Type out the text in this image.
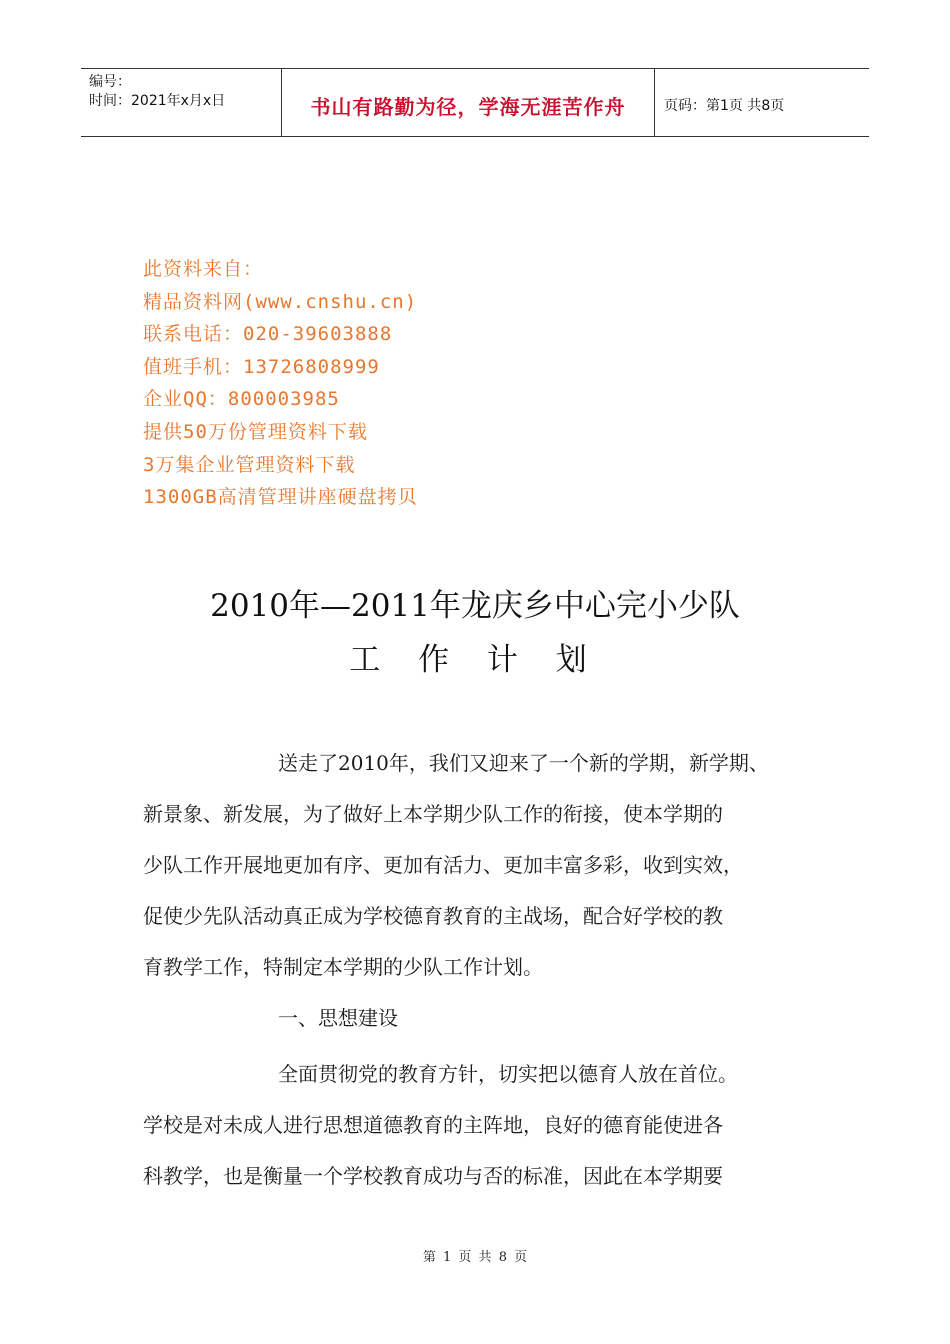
编号：
时间：2021年x月x日	书山有路勤为径，学海无涯苦作舟	页码：第1页 共8页
此资料来自：
精品资料网(www.cnshu.cn)
联系电话：020-39603888
值班手机：13726808999
企业QQ：800003985
提供50万份管理资料下载
3万集企业管理资料下载
1300GB高清管理讲座硬盘拷贝
2010年—2011年龙庆乡中心完小少队
工 作 计 划
送走了2010年，我们又迎来了一个新的学期，新学期、
新景象、新发展，为了做好上本学期少队工作的衔接，使本学期的
少队工作开展地更加有序、更加有活力、更加丰富多彩，收到实效，
促使少先队活动真正成为学校德育教育的主战场，配合好学校的教
育教学工作，特制定本学期的少队工作计划。
一、思想建设
全面贯彻党的教育方针，切实把以德育人放在首位。
学校是对未成人进行思想道德教育的主阵地，良好的德育能使进各
科教学，也是衡量一个学校教育成功与否的标准，因此在本学期要
第 1 页 共 8 页
